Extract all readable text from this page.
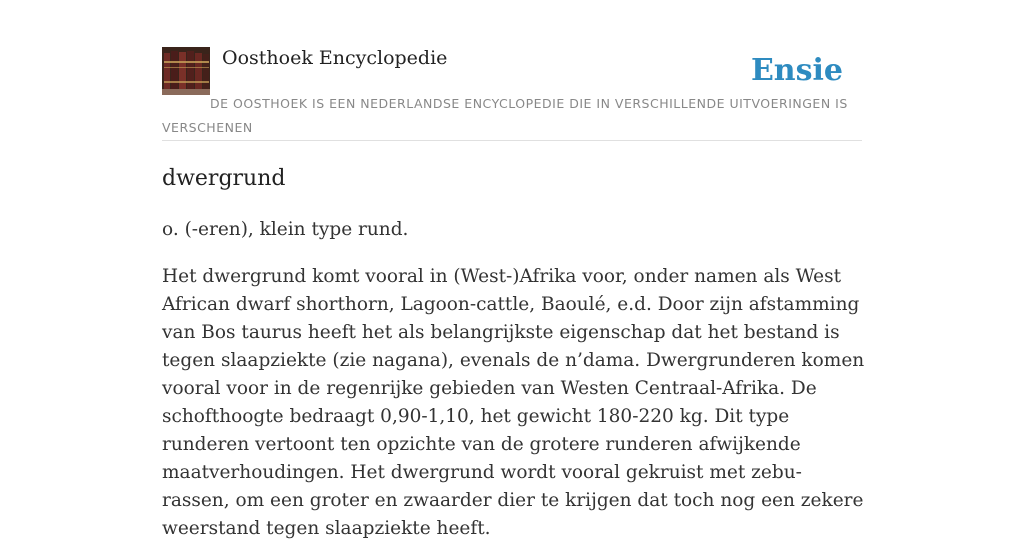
Oosthoek Encyclopedie	Ensie
DE OOSTHOEK IS EEN NEDERLANDSE ENCYCLOPEDIE DIE IN VERSCHILLENDE UITVOERINGEN IS VERSCHENEN
dwergrund

o. (-eren), klein type rund.

Het dwergrund komt vooral in (West-)Afrika voor, onder namen als West African dwarf shorthorn, Lagoon-cattle, Baoulé, e.d. Door zijn afstamming van Bos taurus heeft het als belangrijkste eigenschap dat het bestand is tegen slaapziekte (zie nagana), evenals de n’dama. Dwergrunderen komen vooral voor in de regenrijke gebieden van Westen Centraal-Afrika. De schofthoogte bedraagt 0,90-1,10, het gewicht 180-220 kg. Dit type runderen vertoont ten opzichte van de grotere runderen afwijkende maatverhoudingen. Het dwergrund wordt vooral gekruist met zebu-rassen, om een groter en zwaarder dier te krijgen dat toch nog een zekere weerstand tegen slaapziekte heeft.
